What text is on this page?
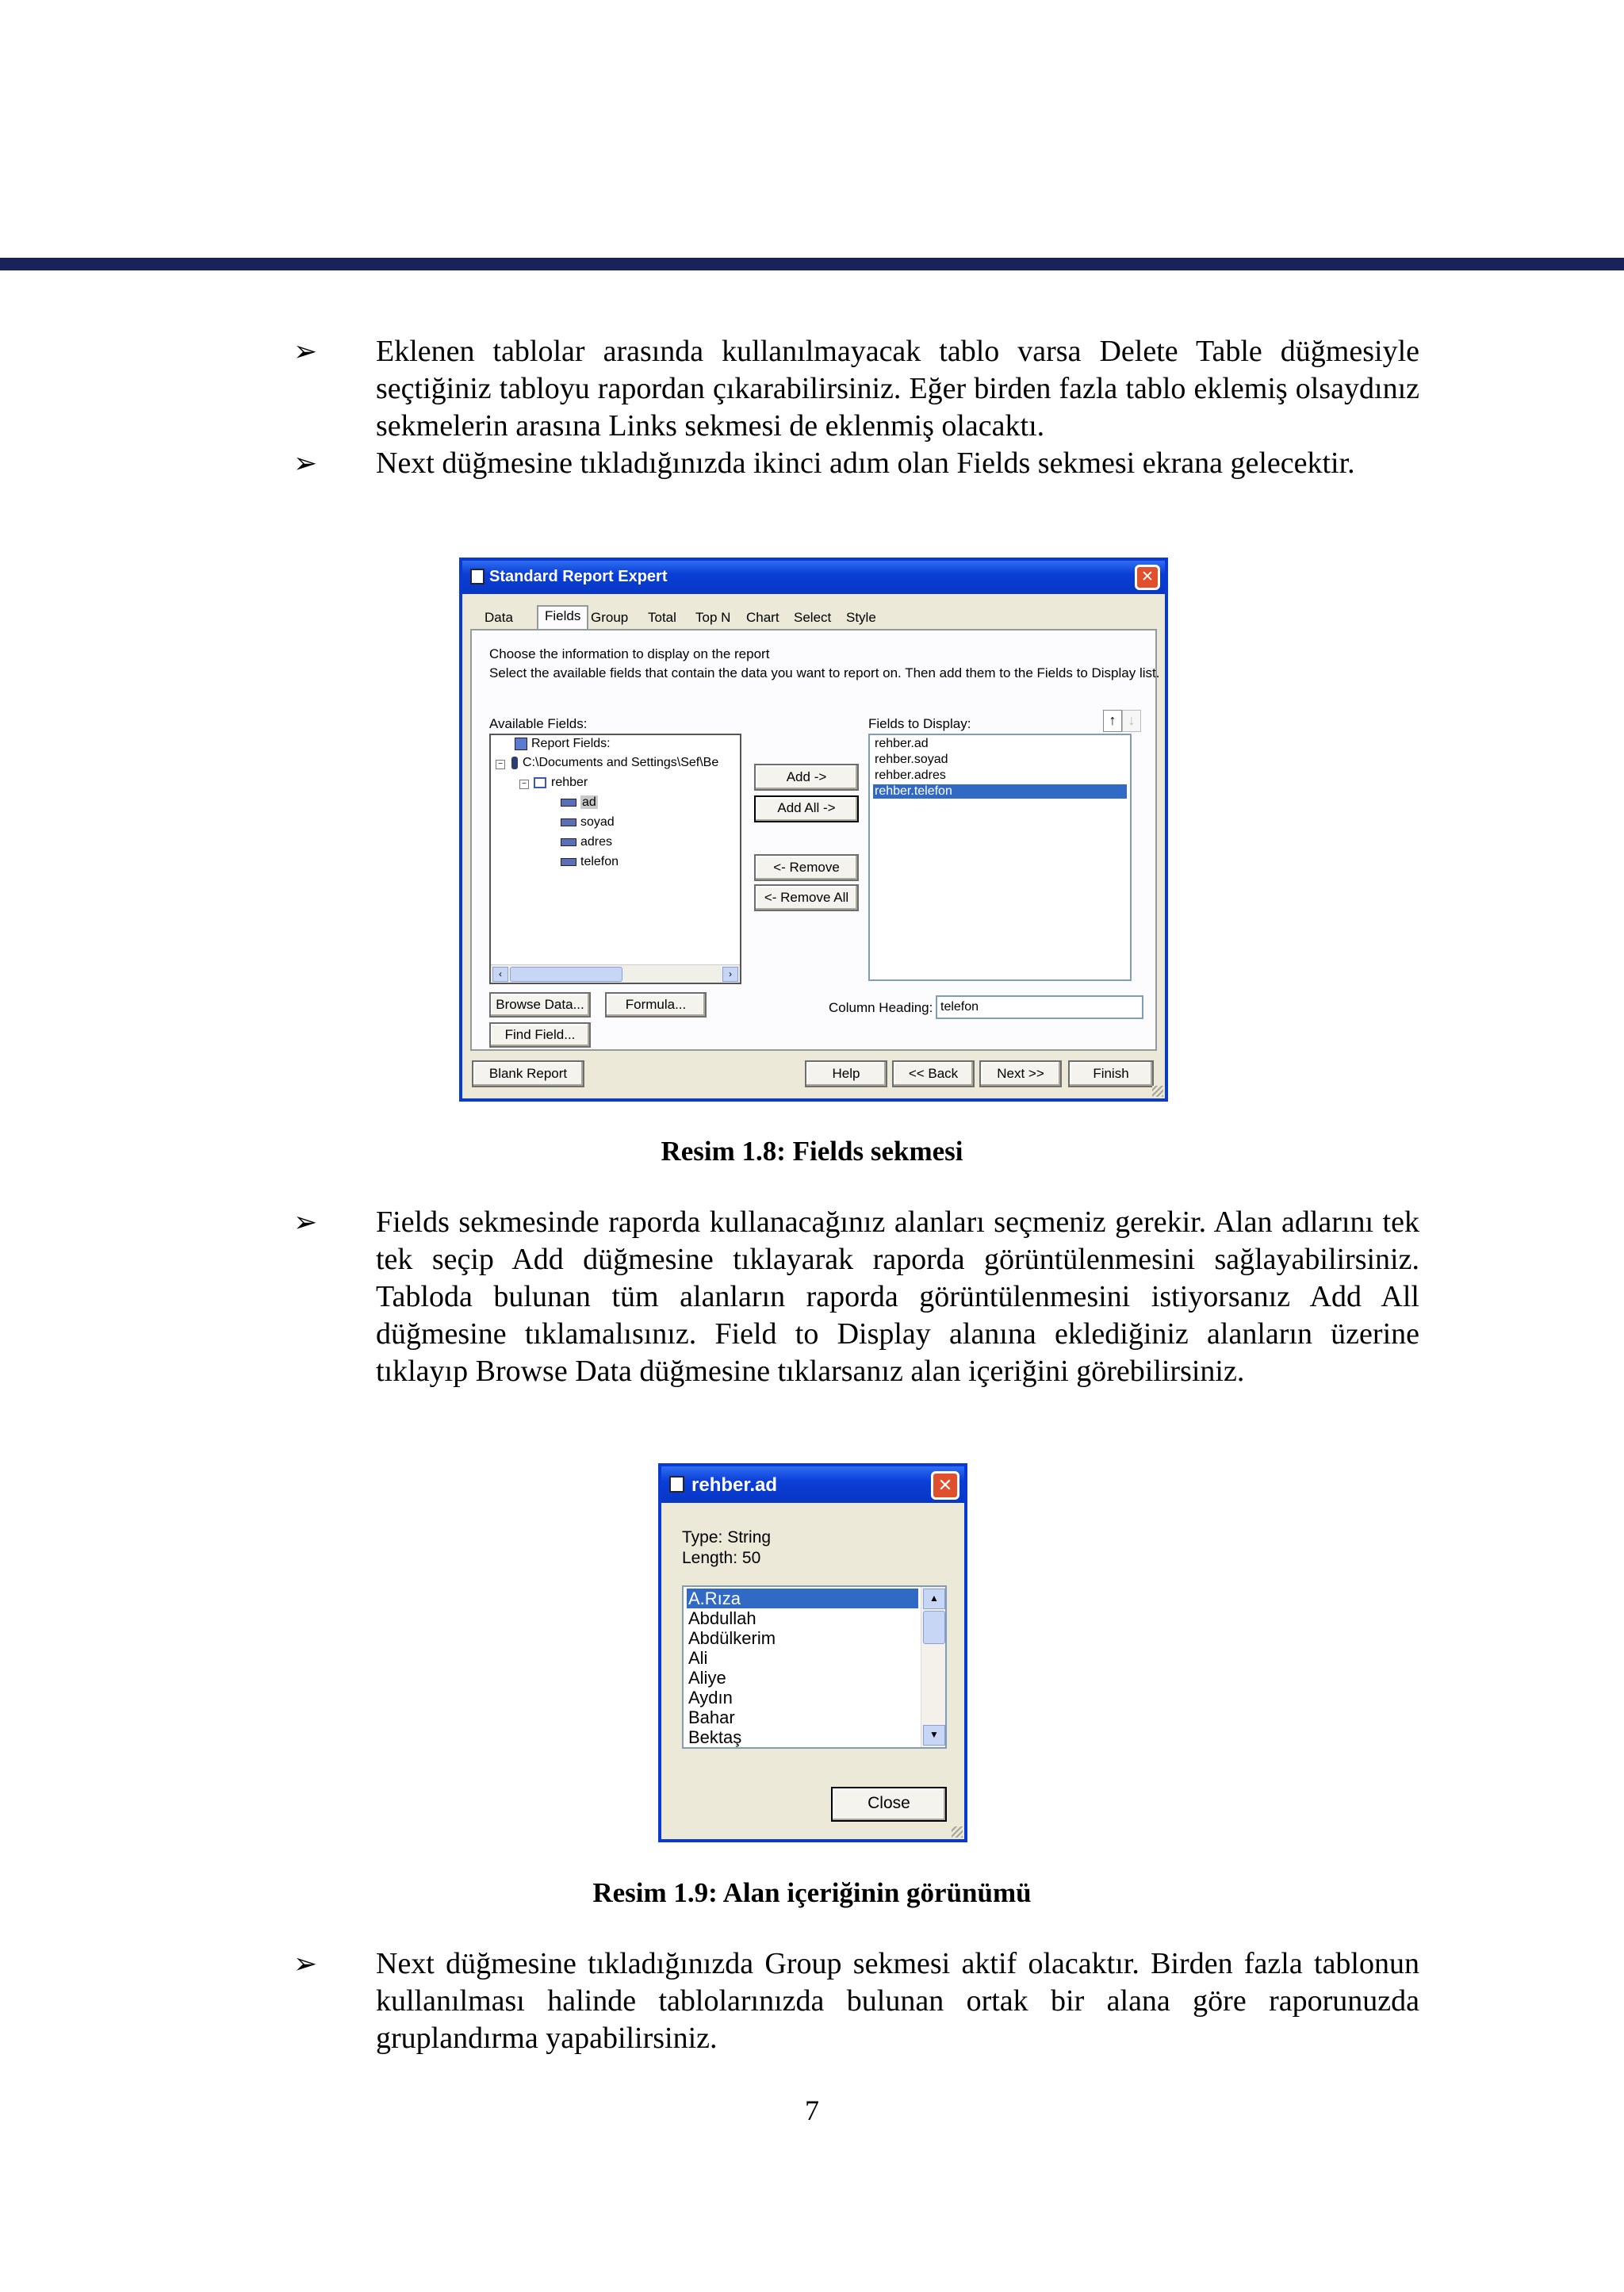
➢ Eklenen tablolar arasında kullanılmayacak tablo varsa Delete Table düğmesiyle seçtiğiniz tabloyu rapordan çıkarabilirsiniz. Eğer birden fazla tablo eklemiş olsaydınız sekmelerin arasına Links sekmesi de eklenmiş olacaktı.
➢ Next düğmesine tıkladığınızda ikinci adım olan Fields sekmesi ekrana gelecektir.
Standard Report Expert	✕
Data	Fields Group Total Top N Chart Select Style
Choose the information to display on the report
Select the available fields that contain the data you want to report on. Then add them to the Fields to Display list.
Available Fields:	Fields to Display:	↑ ↓
Report Fields:
− C:\Documents and Settings\Sef\Be
− rehber
ad
soyad
adres
telefon
‹	›
Add ->
Add All ->
<- Remove
<- Remove All
rehber.ad
rehber.soyad
rehber.adres
rehber.telefon
Browse Data...	Formula...
Find Field...
Column Heading: telefon
Blank Report	Help	<< Back	Next >>	Finish
Resim 1.8: Fields sekmesi
➢ Fields sekmesinde raporda kullanacağınız alanları seçmeniz gerekir. Alan adlarını tek tek seçip Add düğmesine tıklayarak raporda görüntülenmesini sağlayabilirsiniz. Tabloda bulunan tüm alanların raporda görüntülenmesini istiyorsanız Add All düğmesine tıklamalısınız. Field to Display alanına eklediğiniz alanların üzerine tıklayıp Browse Data düğmesine tıklarsanız alan içeriğini görebilirsiniz.
rehber.ad	✕
Type: String
Length: 50
A.Rıza
Abdullah
Abdülkerim
Ali
Aliye
Aydın
Bahar
Bektaş
▲
▼
Close
Resim 1.9: Alan içeriğinin görünümü
➢ Next düğmesine tıkladığınızda Group sekmesi aktif olacaktır. Birden fazla tablonun kullanılması halinde tablolarınızda bulunan ortak bir alana göre raporunuzda gruplandırma yapabilirsiniz.
7
